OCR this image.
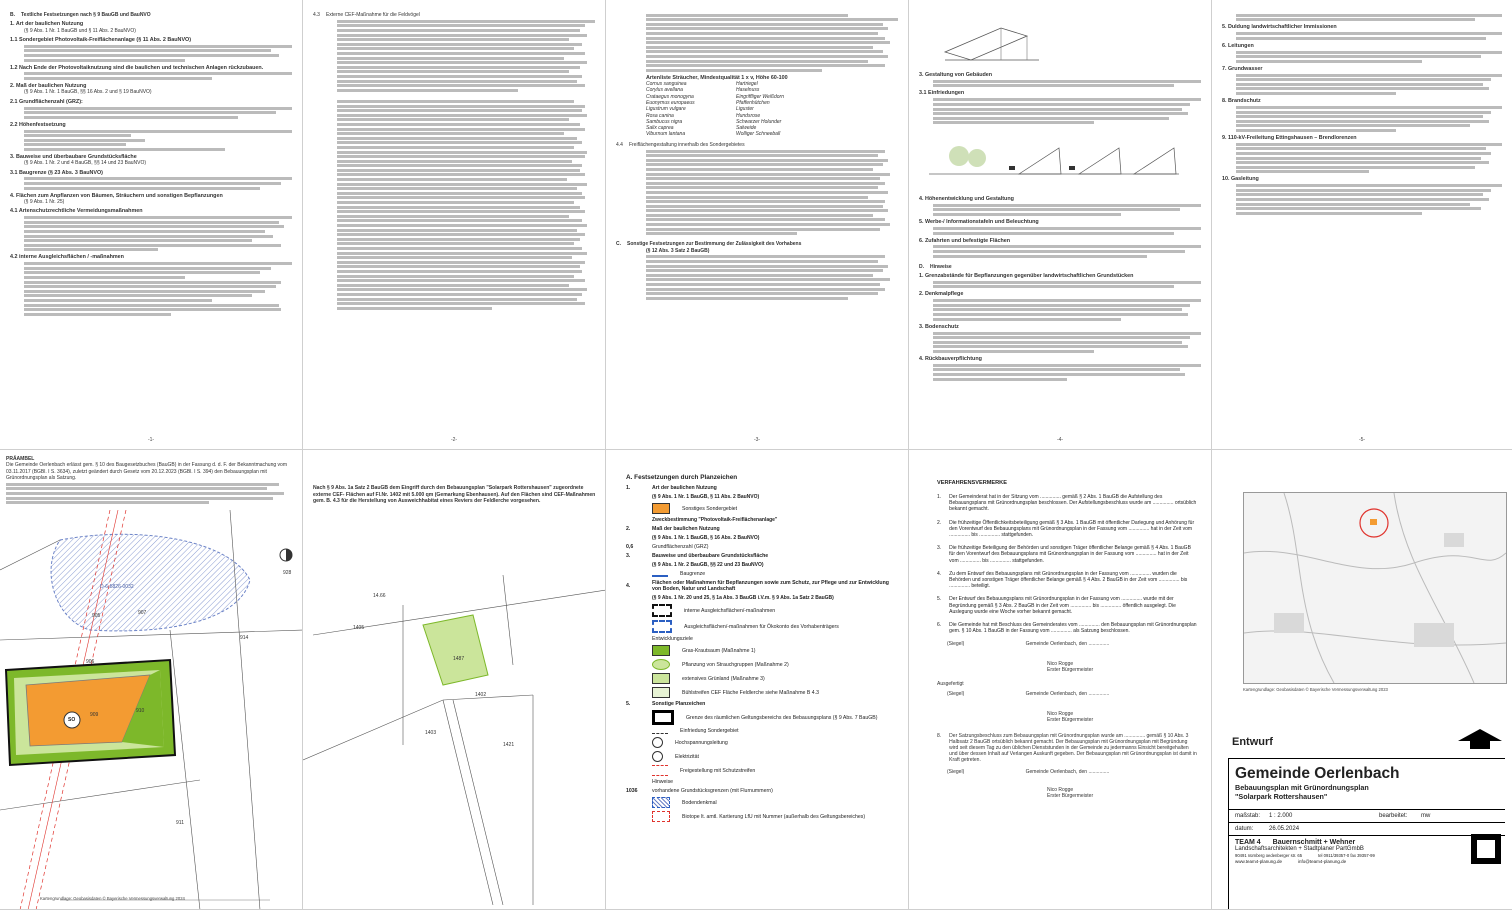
B. Textliche Festsetzungen nach § 9 BauGB und BauNVO
1. Art der baulichen Nutzung
(§ 9 Abs. 1 Nr. 1 BauGB und § 11 Abs. 2 BauNVO)
1.1 Sondergebiet Photovoltaik-Freiflächenanlage (§ 11 Abs. 2 BauNVO)
1.2 Nach Ende der Photovoltaiknutzung sind die baulichen und technischen Anlagen rückzubauen.
2. Maß der baulichen Nutzung
(§ 9 Abs. 1 Nr. 1 BauGB, §§ 16 Abs. 2 und § 19 BauNVO)
2.1 Grundflächenzahl (GRZ):
2.2 Höhenfestsetzung
3. Bauweise und überbaubare Grundstücksfläche
(§ 9 Abs. 1 Nr. 2 und 4 BauGB, §§ 14 und 23 BauNVO)
3.1 Baugrenze (§ 23 Abs. 3 BauNVO)
4. Flächen zum Anpflanzen von Bäumen, Sträuchern und sonstigen Bepflanzungen
(§ 9 Abs. 1 Nr. 25)
4.1 Artenschutzrechtliche Vermeidungsmaßnahmen
4.2 interne Ausgleichsflächen / -maßnahmen
-1-
4.3 Externe CEF-Maßnahme für die Feldvögel
-2-
Artenliste Sträucher, Mindestqualität 1 x v, Höhe 60-100
Cornus sanguinea	Hartriegel
Corylus avellana	Haselnuss
Crataegus monogyna	Eingriffliger Weißdorn
Euonymus europaeus	Pfaffenhütchen
Ligustrum vulgare	Liguster
Rosa canina	Hundsrose
Sambucus nigra	Schwarzer Holunder
Salix caprea	Salweide
Viburnum lantana	Wolliger Schneeball
4.4 Freiflächengestaltung innerhalb des Sondergebietes
C. Sonstige Festsetzungen zur Bestimmung der Zulässigkeit des Vorhabens
(§ 12 Abs. 3 Satz 2 BauGB)
-3-
3. Gestaltung von Gebäuden
3.1 Einfriedungen
4. Höhenentwicklung und Gestaltung
5. Werbe-/ Informationstafeln und Beleuchtung
6. Zufahrten und befestigte Flächen
D. Hinweise
1. Grenzabstände für Bepflanzungen gegenüber landwirtschaftlichen Grundstücken
2. Denkmalpflege
3. Bodenschutz
4. Rückbauverpflichtung
-4-
5. Duldung landwirtschaftlicher Immissionen
6. Leitungen
7. Grundwasser
8. Brandschutz
9. 110-kV-Freileitung Ettingshausen – Brendlorenzen
10. Gasleitung
-5-
PRÄAMBEL
Die Gemeinde Oerlenbach erlässt gem. § 10 des Baugesetzbuches (BauGB) in der Fassung d. d. F. der Bekanntmachung vom 03.11.2017 (BGBl. I S. 3634), zuletzt geändert durch Gesetz vom 20.12.2023 (BGBl. I S. 394) den Bebauungsplan mit Grünordnungsplan als Satzung.
907
905
906
909
910
911
914
928
D-6-5826-0032
SO
Kartengrundlage: Geobasisdaten © Bayerische Vermessungsverwaltung 2024
Nach § 9 Abs. 1a Satz 2 BauGB dem Eingriff durch den Bebauungsplan "Solarpark Rottershausen" zugeordnete externe CEF- Flächen auf Fl.Nr. 1402 mit 5.000 qm (Gemarkung Ebenhausen). Auf den Flächen sind CEF-Maßnahmen gem. B. 4.3 für die Herstellung von Ausweichhabitat eines Reviers der Feldlerche vorgesehen.
1402
1403
1405
1421
1487
14.66
A. Festsetzungen durch Planzeichen
1.	Art der baulichen Nutzung
(§ 9 Abs. 1 Nr. 1 BauGB, § 11 Abs. 2 BauNVO)
Sonstiges Sondergebiet
Zweckbestimmung "Photovoltaik-Freiflächenanlage"
2.	Maß der baulichen Nutzung
(§ 9 Abs. 1 Nr. 1 BauGB, § 16 Abs. 2 BauNVO)
0,6	Grundflächenzahl (GRZ)
3.	Bauweise und überbaubare Grundstücksfläche
(§ 9 Abs. 1 Nr. 2 BauGB, §§ 22 und 23 BauNVO)
Baugrenze
4.	Flächen oder Maßnahmen für Bepflanzungen sowie zum Schutz, zur Pflege und zur Entwicklung von Boden, Natur und Landschaft
(§ 9 Abs. 1 Nr. 20 und 25, § 1a Abs. 3 BauGB i.V.m. § 9 Abs. 1a Satz 2 BauGB)
interne Ausgleichsflächen/-maßnahmen
Ausgleichsflächen/-maßnahmen für Ökokonto des Vorhabenträgers
Entwicklungsziele
Gras-Krautsaum (Maßnahme 1)
Pflanzung von Strauchgruppen (Maßnahme 2)
extensives Grünland (Maßnahme 3)
Bühlstreifen CEF Fläche Feldlerche siehe Maßnahme B 4.3
5.	Sonstige Planzeichen
Grenze des räumlichen Geltungsbereichs des Bebauungsplans (§ 9 Abs. 7 BauGB)
Einfriedung Sondergebiet
Hochspannungsleitung
Elektrizität
Freigestellung mit Schutzstreifen
Hinweise
1036	vorhandene Grundstücksgrenzen (mit Flurnummern)
Bodendenkmal
Biotope lt. amtl. Kartierung LfU mit Nummer (außerhalb des Geltungsbereiches)
VERFAHRENSVERMERKE
1. Der Gemeinderat hat in der Sitzung vom ............... gemäß § 2 Abs. 1 BauGB die Aufstellung des Bebauungsplans mit Grünordnungsplan beschlossen. Der Aufstellungsbeschluss wurde am ............... ortsüblich bekannt gemacht.
2. Die frühzeitige Öffentlichkeitsbeteiligung gemäß § 3 Abs. 1 BauGB mit öffentlicher Darlegung und Anhörung für den Vorentwurf des Bebauungsplans mit Grünordnungsplan in der Fassung vom ............... hat in der Zeit vom ............... bis ............... stattgefunden.
3. Die frühzeitige Beteiligung der Behörden und sonstigen Träger öffentlicher Belange gemäß § 4 Abs. 1 BauGB für den Vorentwurf des Bebauungsplans mit Grünordnungsplan in der Fassung vom ............... hat in der Zeit vom ............... bis ............... stattgefunden.
4. Zu dem Entwurf des Bebauungsplans mit Grünordnungsplan in der Fassung vom ............... wurden die Behörden und sonstigen Träger öffentlicher Belange gemäß § 4 Abs. 2 BauGB in der Zeit vom ............... bis ............... beteiligt.
5. Der Entwurf des Bebauungsplans mit Grünordnungsplan in der Fassung vom ............... wurde mit der Begründung gemäß § 3 Abs. 2 BauGB in der Zeit vom ............... bis ............... öffentlich ausgelegt. Die Auslegung wurde eine Woche vorher bekannt gemacht.
6. Die Gemeinde hat mit Beschluss des Gemeinderates vom ............... den Bebauungsplan mit Grünordnungsplan gem. § 10 Abs. 1 BauGB in der Fassung vom ............... als Satzung beschlossen.
(Siegel)	Gemeinde Oerlenbach, den ...............
Nico Rogge
Erster Bürgermeister
Ausgefertigt
(Siegel)	Gemeinde Oerlenbach, den ...............
Nico Rogge
Erster Bürgermeister
8. Der Satzungsbeschluss zum Bebauungsplan mit Grünordnungsplan wurde am ............... gemäß § 10 Abs. 3 Halbsatz 2 BauGB ortsüblich bekannt gemacht. Der Bebauungsplan mit Grünordnungsplan mit Begründung wird seit diesem Tag zu den üblichen Dienststunden in der Gemeinde zu jedermanns Einsicht bereitgehalten und über dessen Inhalt auf Verlangen Auskunft gegeben. Der Bebauungsplan mit Grünordnungsplan ist damit in Kraft getreten.
(Siegel)	Gemeinde Oerlenbach, den ...............
Nico Rogge
Erster Bürgermeister
Kartengrundlage: Geobasisdaten © Bayerische Vermessungsverwaltung 2023
Entwurf
Gemeinde Oerlenbach
Bebauungsplan mit Grünordnungsplan
"Solarpark Rottershausen"
maßstab:	1 : 2.000	bearbeitet:	mw
datum:	26.05.2024
TEAM 4 Bauernschmitt + Wehner
Landschaftsarchitekten + Stadtplaner PartGmbB
90491 nürnberg oedenberger str. 65	tel 0911/39357-0 fax 39357-99
www.team4-planung.de	info@team4-planung.de
